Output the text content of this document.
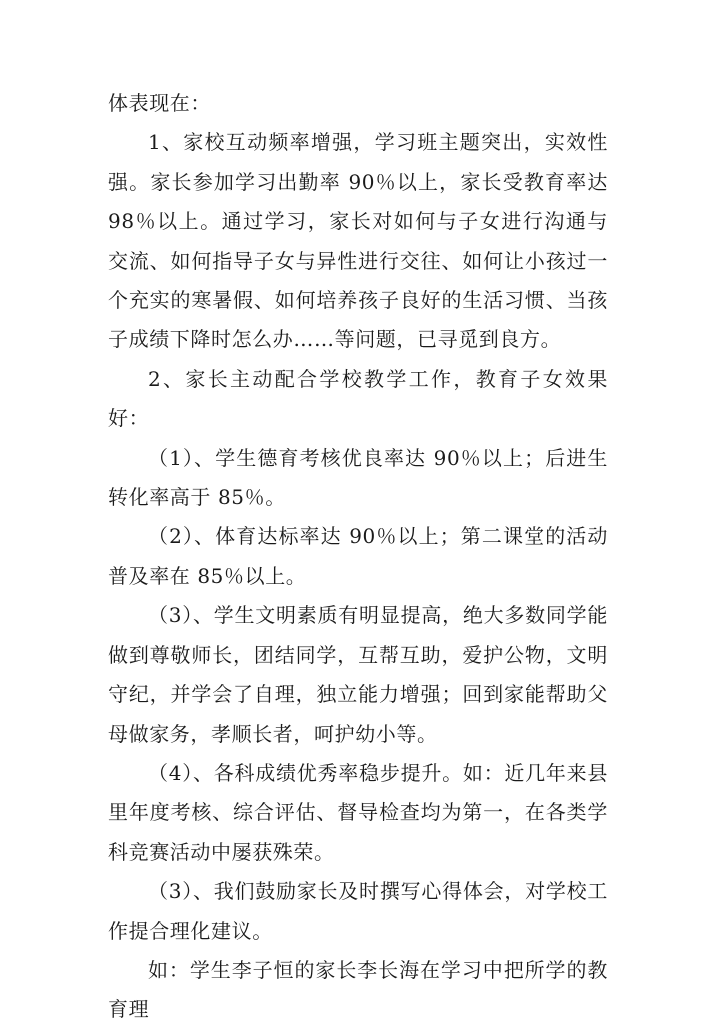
体表现在：

1、家校互动频率增强，学习班主题突出，实效性强。家长参加学习出勤率 90％以上，家长受教育率达 98％以上。通过学习，家长对如何与子女进行沟通与交流、如何指导子女与异性进行交往、如何让小孩过一个充实的寒暑假、如何培养孩子良好的生活习惯、当孩子成绩下降时怎么办……等问题，已寻觅到良方。

2、家长主动配合学校教学工作，教育子女效果好：

（1）、学生德育考核优良率达 90％以上；后进生转化率高于 85％。

（2）、体育达标率达 90％以上；第二课堂的活动普及率在 85％以上。

（3）、学生文明素质有明显提高，绝大多数同学能做到尊敬师长，团结同学，互帮互助，爱护公物，文明守纪，并学会了自理，独立能力增强；回到家能帮助父母做家务，孝顺长者，呵护幼小等。

（4）、各科成绩优秀率稳步提升。如：近几年来县里年度考核、综合评估、督导检查均为第一，在各类学科竞赛活动中屡获殊荣。

（3）、我们鼓励家长及时撰写心得体会，对学校工作提合理化建议。

如：学生李子恒的家长李长海在学习中把所学的教育理
